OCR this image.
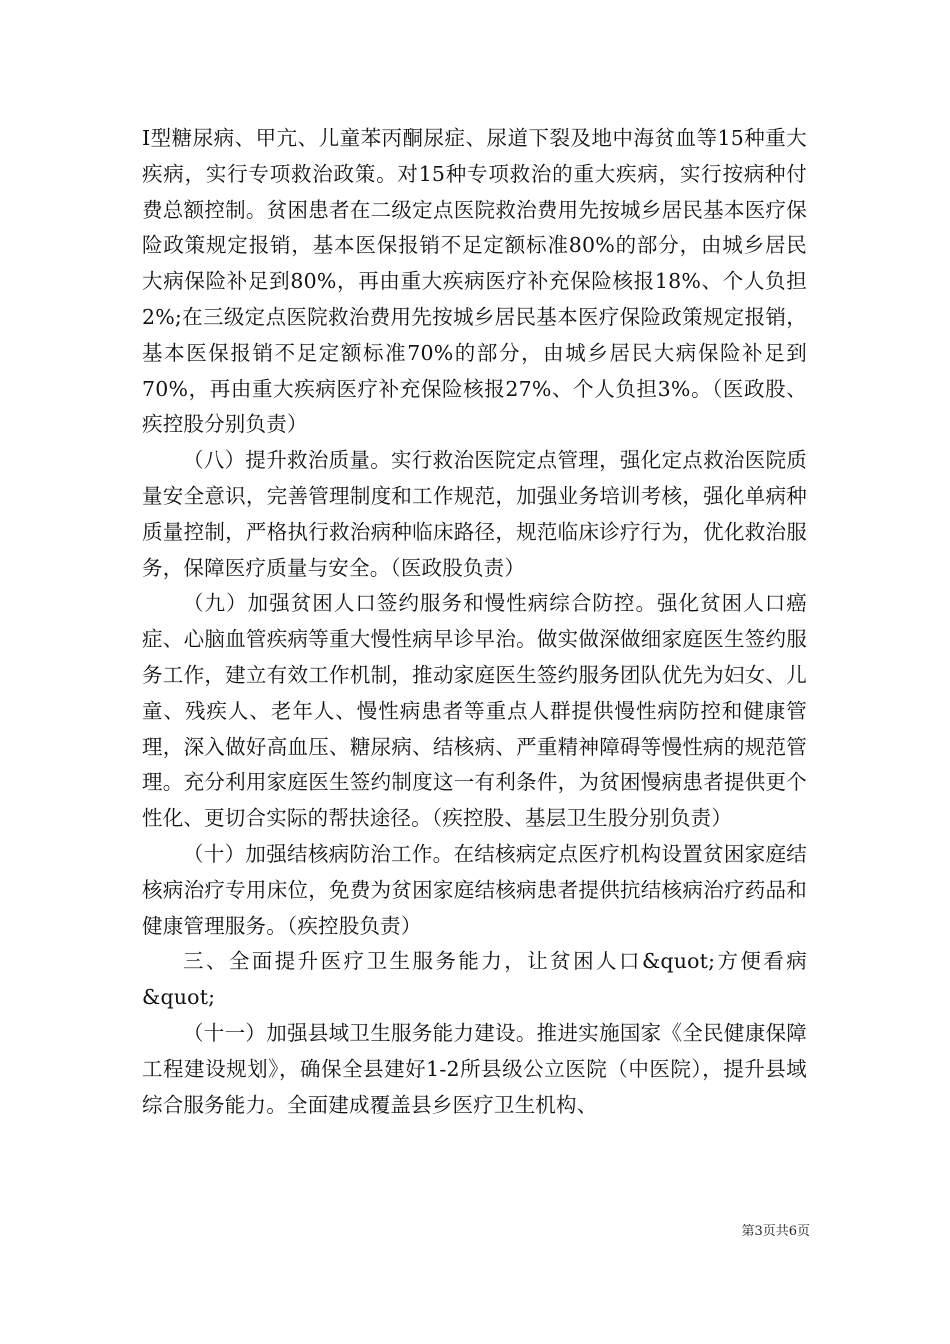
Ⅰ型糖尿病、甲亢、儿童苯丙酮尿症、尿道下裂及地中海贫血等15种重大疾病，实行专项救治政策。对15种专项救治的重大疾病，实行按病种付费总额控制。贫困患者在二级定点医院救治费用先按城乡居民基本医疗保险政策规定报销，基本医保报销不足定额标准80%的部分，由城乡居民大病保险补足到80%，再由重大疾病医疗补充保险核报18%、个人负担2%;在三级定点医院救治费用先按城乡居民基本医疗保险政策规定报销，基本医保报销不足定额标准70%的部分，由城乡居民大病保险补足到70%，再由重大疾病医疗补充保险核报27%、个人负担3%。（医政股、疾控股分别负责）

（八）提升救治质量。实行救治医院定点管理，强化定点救治医院质量安全意识，完善管理制度和工作规范，加强业务培训考核，强化单病种质量控制，严格执行救治病种临床路径，规范临床诊疗行为，优化救治服务，保障医疗质量与安全。（医政股负责）

（九）加强贫困人口签约服务和慢性病综合防控。强化贫困人口癌症、心脑血管疾病等重大慢性病早诊早治。做实做深做细家庭医生签约服务工作，建立有效工作机制，推动家庭医生签约服务团队优先为妇女、儿童、残疾人、老年人、慢性病患者等重点人群提供慢性病防控和健康管理，深入做好高血压、糖尿病、结核病、严重精神障碍等慢性病的规范管理。充分利用家庭医生签约制度这一有利条件，为贫困慢病患者提供更个性化、更切合实际的帮扶途径。（疾控股、基层卫生股分别负责）

（十）加强结核病防治工作。在结核病定点医疗机构设置贫困家庭结核病治疗专用床位，免费为贫困家庭结核病患者提供抗结核病治疗药品和健康管理服务。（疾控股负责）

三、全面提升医疗卫生服务能力，让贫困人口&quot;方便看病&quot;

（十一）加强县域卫生服务能力建设。推进实施国家《全民健康保障工程建设规划》，确保全县建好1-2所县级公立医院（中医院），提升县域综合服务能力。全面建成覆盖县乡医疗卫生机构、

第3页共6页
